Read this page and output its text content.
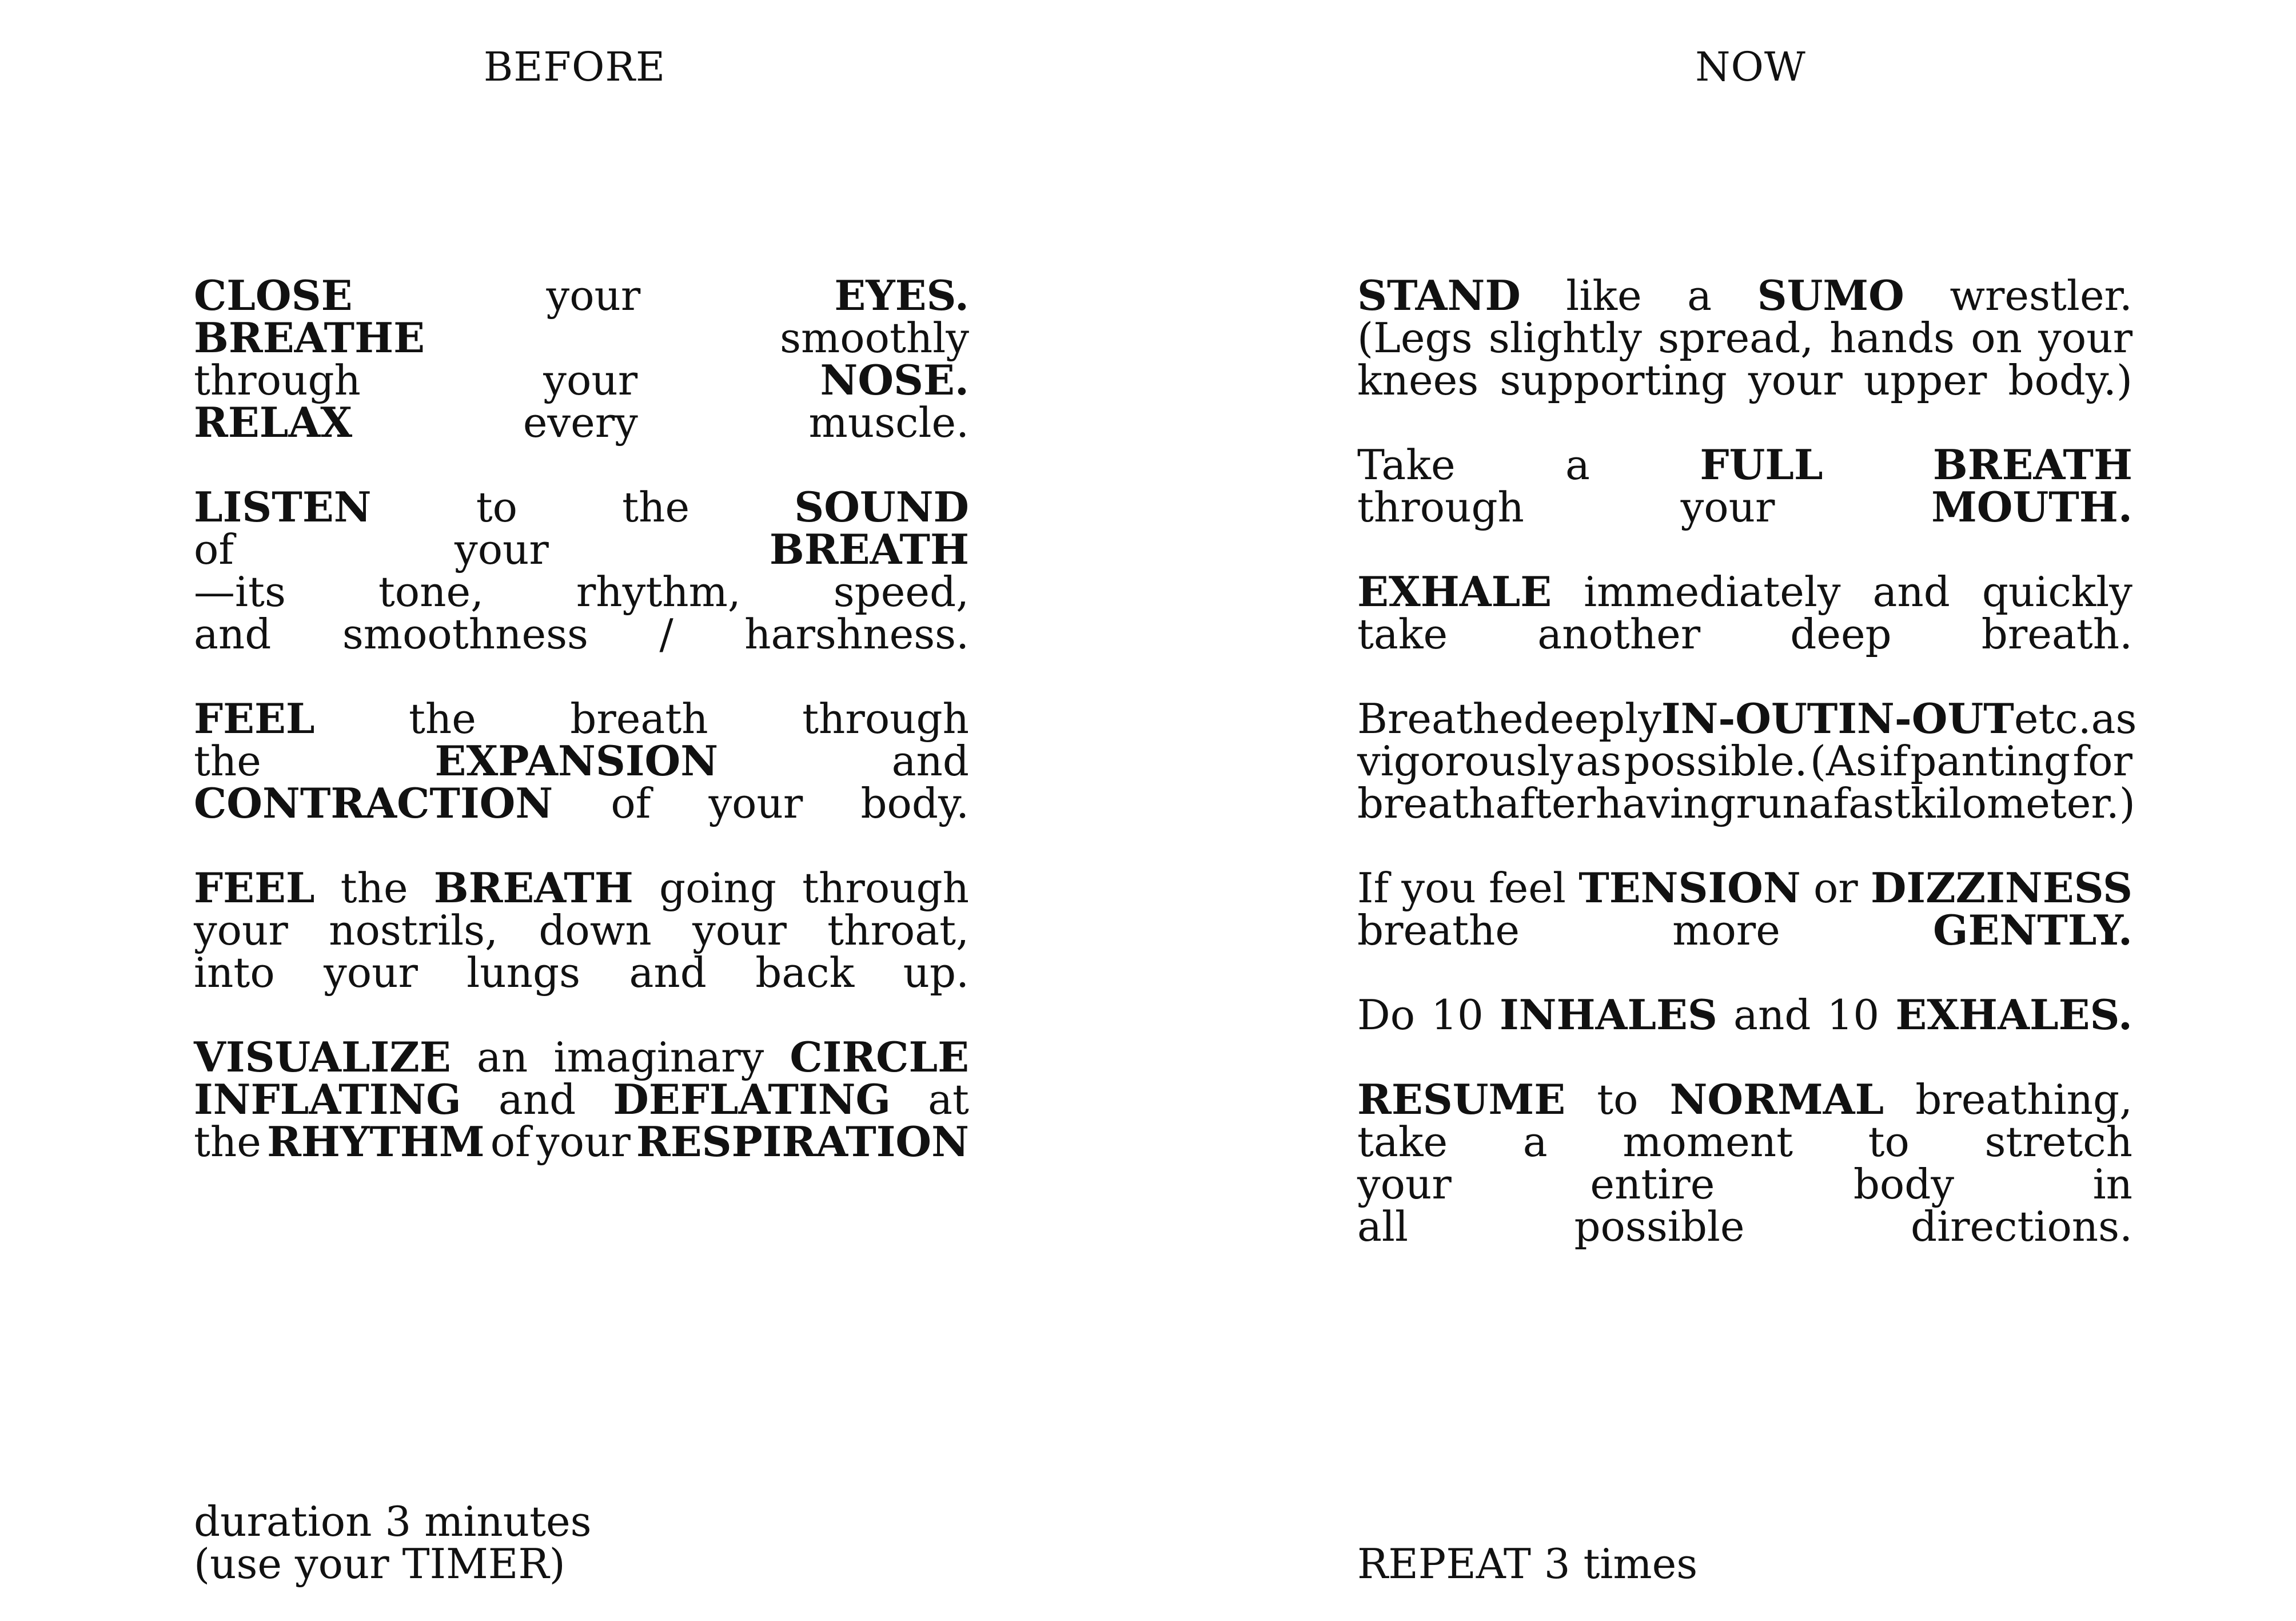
BEFORE	NOW
CLOSE	your	EYES.
BREATHE	smoothly
through	your	NOSE.
RELAX	every	muscle.
LISTEN	to	the	SOUND
of	your	BREATH
—its tone, rhythm, speed,
and smoothness / harshness.
FEEL the breath through
the	EXPANSION	and
CONTRACTION of your body.
FEEL the BREATH going through
your nostrils, down your throat,
into your lungs and back up.
VISUALIZE an imaginary CIRCLE
INFLATING and DEFLATING at
the RHYTHM of your RESPIRATION
STAND like a SUMO wrestler.
(Legs slightly spread, hands on your
knees supporting your upper body.)
Take	a	FULL	BREATH
through	your	MOUTH.
EXHALE immediately and quickly
take another deep breath.
Breathe deeply IN-OUT IN-OUT etc. as
vigorously as possible. (As if panting for
breath after having run a fast kilometer.)
If you feel TENSION or DIZZINESS
breathe	more	GENTLY.
Do 10 INHALES and 10 EXHALES.
RESUME to NORMAL breathing,
take a moment to stretch
your	entire	body	in
all	possible	directions.
duration 3 minutes
(use your TIMER)	REPEAT 3 times
